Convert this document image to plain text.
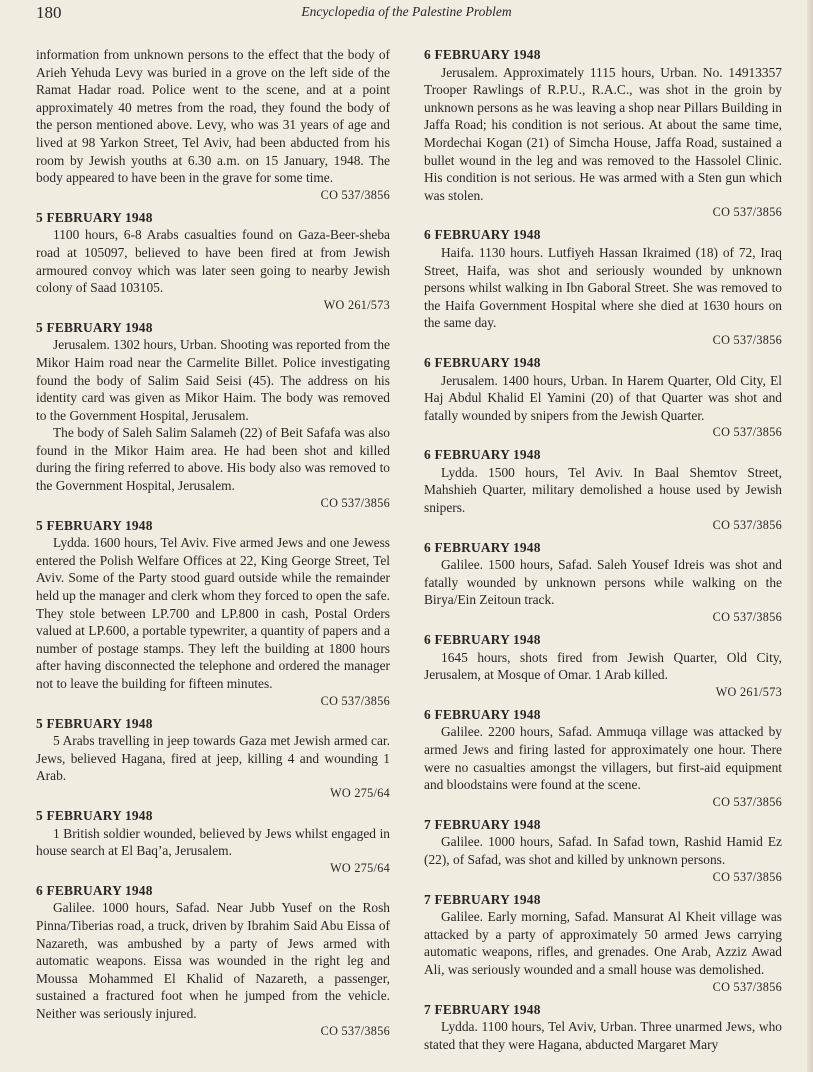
180	Encyclopedia of the Palestine Problem

information from unknown persons to the effect that the body of Arieh Yehuda Levy was buried in a grove on the left side of the Ramat Hadar road. Police went to the scene, and at a point approximately 40 metres from the road, they found the body of the person mentioned above. Levy, who was 31 years of age and lived at 98 Yarkon Street, Tel Aviv, had been abducted from his room by Jewish youths at 6.30 a.m. on 15 January, 1948. The body appeared to have been in the grave for some time.

CO 537/3856

5 FEBRUARY 1948

1100 hours, 6-8 Arabs casualties found on Gaza-Beer-sheba road at 105097, believed to have been fired at from Jewish armoured convoy which was later seen going to nearby Jewish colony of Saad 103105.

WO 261/573

5 FEBRUARY 1948

Jerusalem. 1302 hours, Urban. Shooting was reported from the Mikor Haim road near the Carmelite Billet. Police investigating found the body of Salim Said Seisi (45). The address on his identity card was given as Mikor Haim. The body was removed to the Government Hospital, Jerusalem.

The body of Saleh Salim Salameh (22) of Beit Safafa was also found in the Mikor Haim area. He had been shot and killed during the firing referred to above. His body also was removed to the Government Hospital, Jerusalem.

CO 537/3856

5 FEBRUARY 1948

Lydda. 1600 hours, Tel Aviv. Five armed Jews and one Jewess entered the Polish Welfare Offices at 22, King George Street, Tel Aviv. Some of the Party stood guard outside while the remainder held up the manager and clerk whom they forced to open the safe. They stole between LP.700 and LP.800 in cash, Postal Orders valued at LP.600, a portable typewriter, a quantity of papers and a number of postage stamps. They left the building at 1800 hours after having disconnected the telephone and ordered the manager not to leave the building for fifteen minutes.

CO 537/3856

5 FEBRUARY 1948

5 Arabs travelling in jeep towards Gaza met Jewish armed car. Jews, believed Hagana, fired at jeep, killing 4 and wounding 1 Arab.

WO 275/64

5 FEBRUARY 1948

1 British soldier wounded, believed by Jews whilst engaged in house search at El Baq’a, Jerusalem.

WO 275/64

6 FEBRUARY 1948

Galilee. 1000 hours, Safad. Near Jubb Yusef on the Rosh Pinna/Tiberias road, a truck, driven by Ibrahim Said Abu Eissa of Nazareth, was ambushed by a party of Jews armed with automatic weapons. Eissa was wounded in the right leg and Moussa Mohammed El Khalid of Nazareth, a passenger, sustained a fractured foot when he jumped from the vehicle. Neither was seriously injured.

CO 537/3856

6 FEBRUARY 1948

Jerusalem. Approximately 1115 hours, Urban. No. 14913357 Trooper Rawlings of R.P.U., R.A.C., was shot in the groin by unknown persons as he was leaving a shop near Pillars Building in Jaffa Road; his condition is not serious. At about the same time, Mordechai Kogan (21) of Simcha House, Jaffa Road, sustained a bullet wound in the leg and was removed to the Hassolel Clinic. His condition is not serious. He was armed with a Sten gun which was stolen.

CO 537/3856

6 FEBRUARY 1948

Haifa. 1130 hours. Lutfiyeh Hassan Ikraimed (18) of 72, Iraq Street, Haifa, was shot and seriously wounded by unknown persons whilst walking in Ibn Gaboral Street. She was removed to the Haifa Government Hospital where she died at 1630 hours on the same day.

CO 537/3856

6 FEBRUARY 1948

Jerusalem. 1400 hours, Urban. In Harem Quarter, Old City, El Haj Abdul Khalid El Yamini (20) of that Quarter was shot and fatally wounded by snipers from the Jewish Quarter.

CO 537/3856

6 FEBRUARY 1948

Lydda. 1500 hours, Tel Aviv. In Baal Shemtov Street, Mahshieh Quarter, military demolished a house used by Jewish snipers.

CO 537/3856

6 FEBRUARY 1948

Galilee. 1500 hours, Safad. Saleh Yousef Idreis was shot and fatally wounded by unknown persons while walking on the Birya/Ein Zeitoun track.

CO 537/3856

6 FEBRUARY 1948

1645 hours, shots fired from Jewish Quarter, Old City, Jerusalem, at Mosque of Omar. 1 Arab killed.

WO 261/573

6 FEBRUARY 1948

Galilee. 2200 hours, Safad. Ammuqa village was attacked by armed Jews and firing lasted for approximately one hour. There were no casualties amongst the villagers, but first-aid equipment and bloodstains were found at the scene.

CO 537/3856

7 FEBRUARY 1948

Galilee. 1000 hours, Safad. In Safad town, Rashid Hamid Ez (22), of Safad, was shot and killed by unknown persons.

CO 537/3856

7 FEBRUARY 1948

Galilee. Early morning, Safad. Mansurat Al Kheit village was attacked by a party of approximately 50 armed Jews carrying automatic weapons, rifles, and grenades. One Arab, Azziz Awad Ali, was seriously wounded and a small house was demolished.

CO 537/3856

7 FEBRUARY 1948

Lydda. 1100 hours, Tel Aviv, Urban. Three unarmed Jews, who stated that they were Hagana, abducted Margaret Mary
